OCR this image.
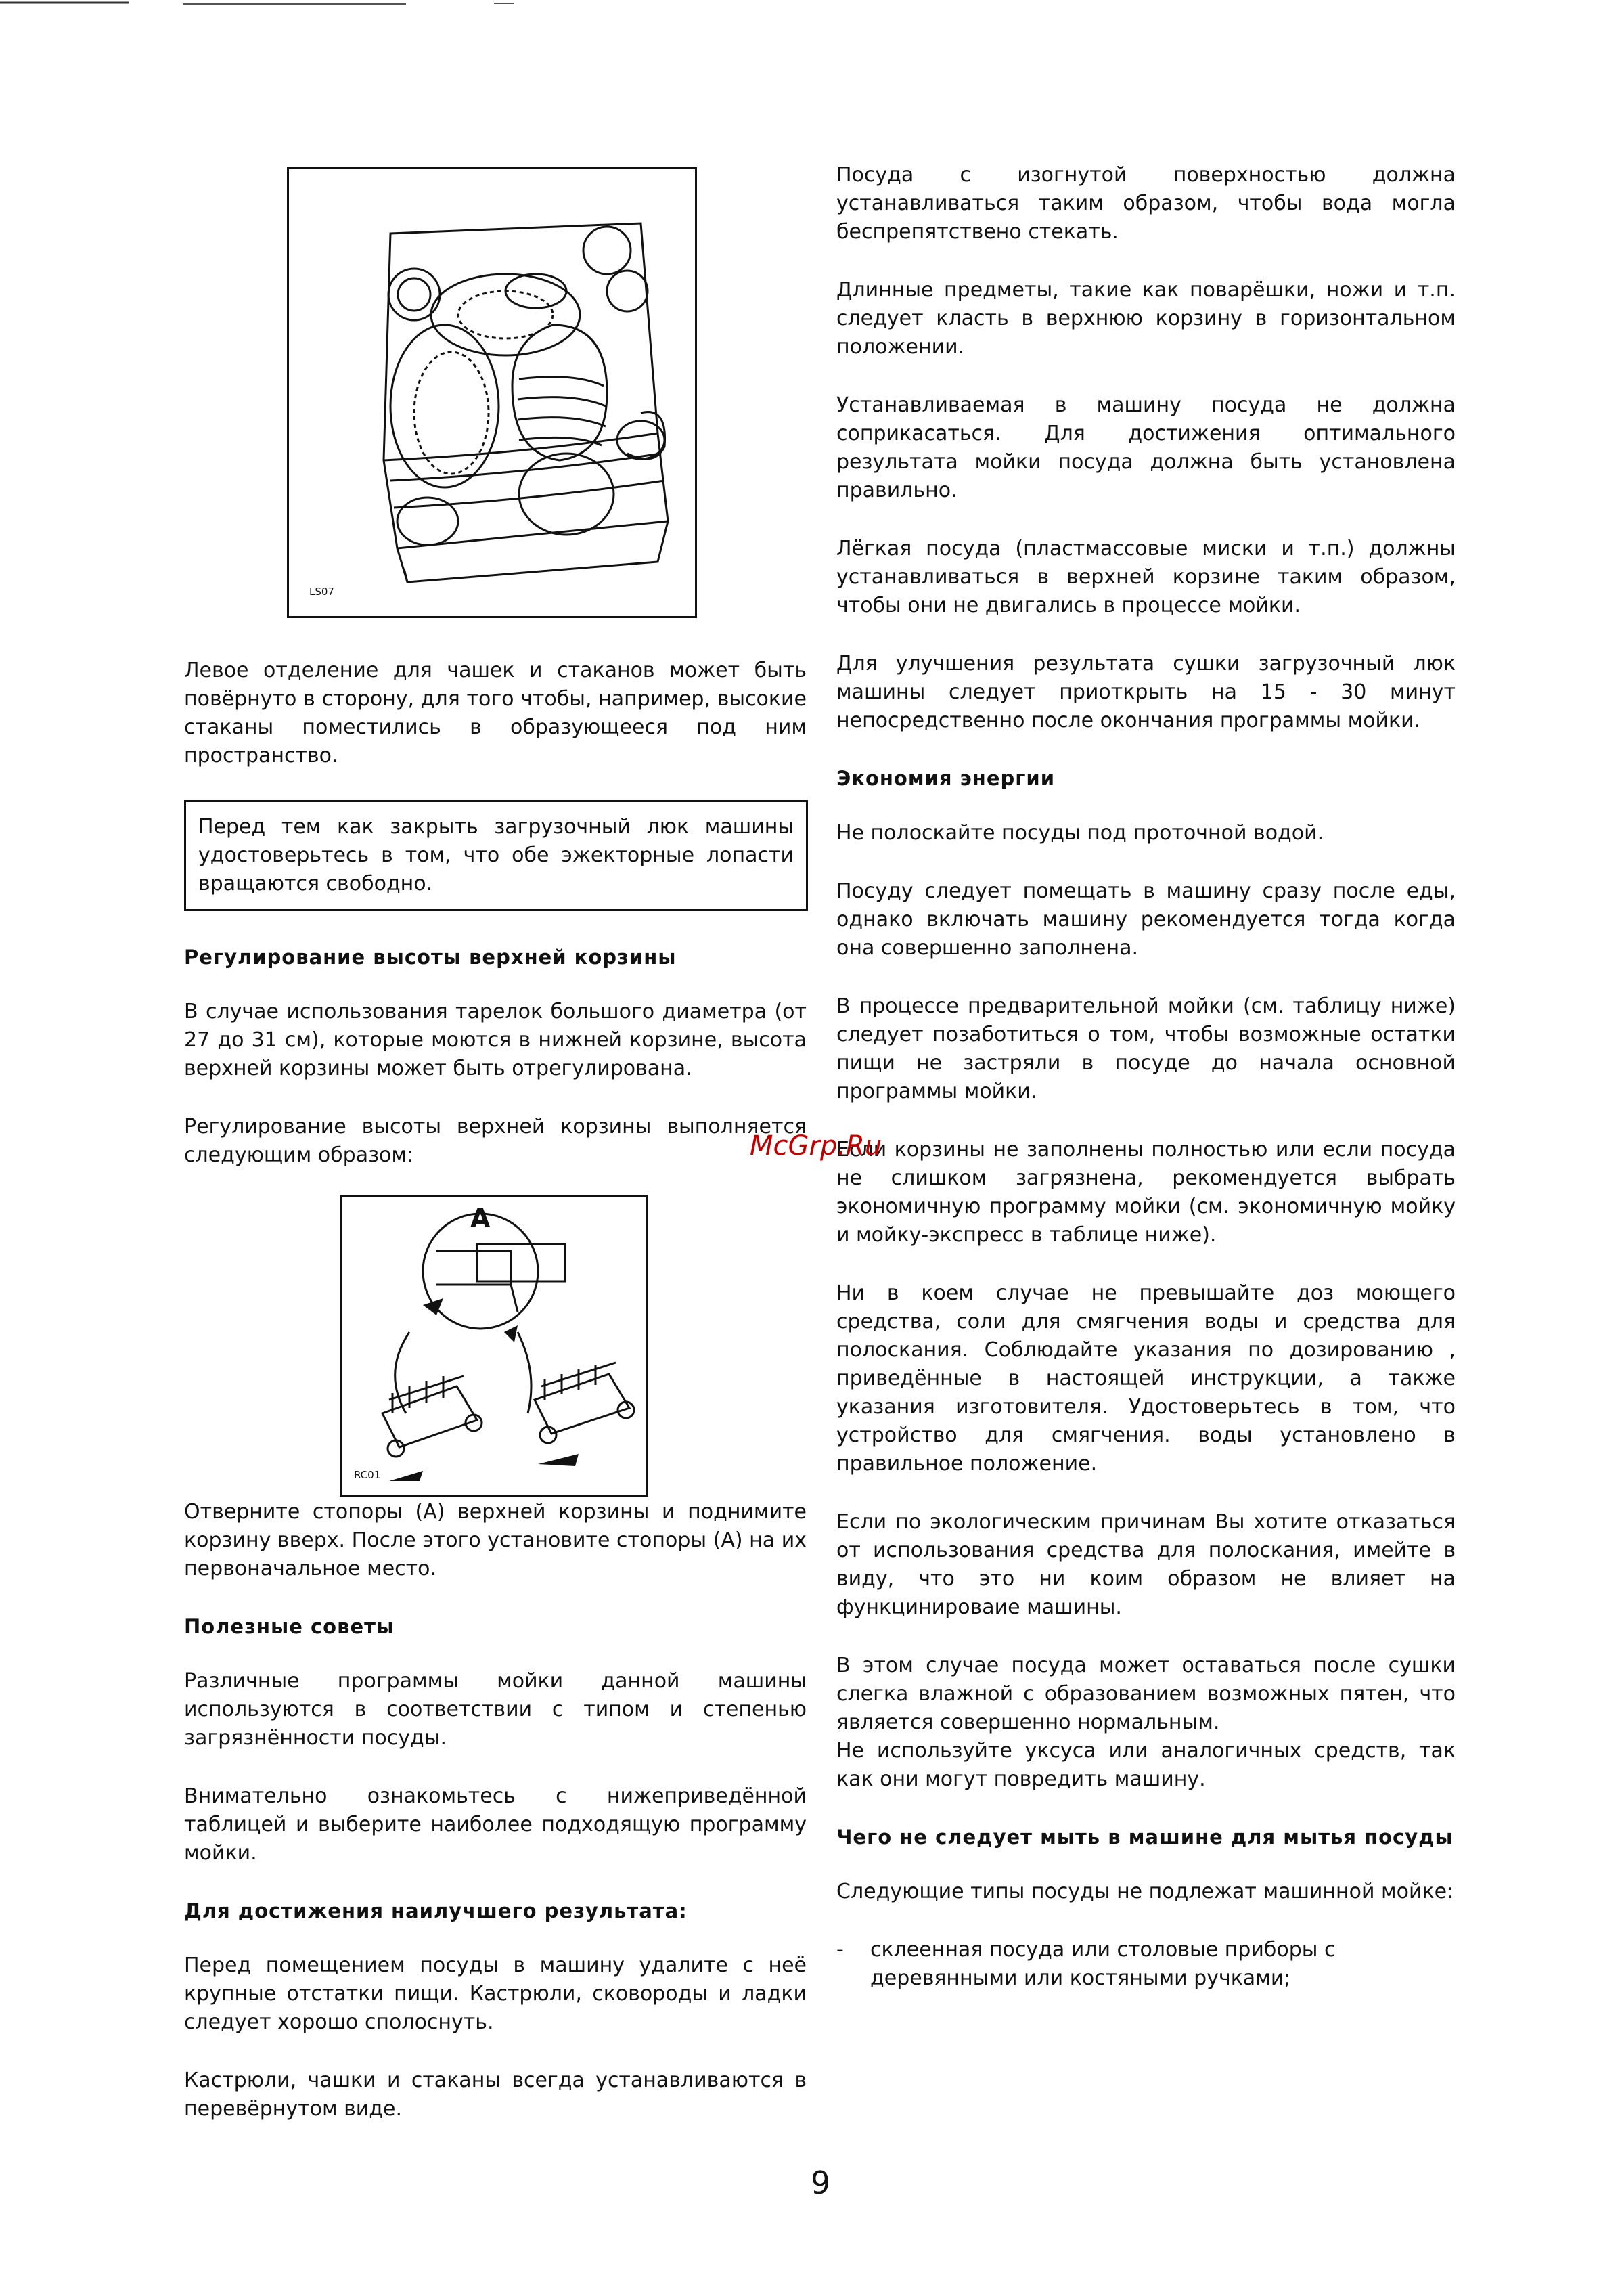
LS07

Левое отделение для чашек и стаканов может быть повёрнуто в сторону, для того чтобы, например, высокие стаканы поместились в образующееся под ним пространство.

Перед тем как закрыть загрузочный люк машины удостоверьтесь в том, что обе эжекторные лопасти вращаются свободно.

Регулирование высоты верхней корзины

В случае использования тарелок большого диаметра (от 27 до 31 см), которые моются в нижней корзине, высота верхней корзины может быть отрегулирована.

Регулирование высоты верхней корзины выполняется следующим образом:

Отверните стопоры (А) верхней корзины и поднимите корзину вверх. После этого установите стопоры (А) на их первоначальное место.

Полезные советы

Различные программы мойки данной машины используются в соответствии с типом и степенью загрязнённости посуды.

Внимательно ознакомьтесь с нижеприведённой таблицей и выберите наиболее подходящую программу мойки.

Для достижения наилучшего результата:

Перед помещением посуды в машину удалите с неё крупные отстатки пищи. Кастрюли, сковороды и ладки следует хорошо сполоснуть.

Кастрюли, чашки и стаканы всегда устанавливаются в перевёрнутом виде.

A
RC01

Посуда с изогнутой поверхностью должна устанавливаться таким образом, чтобы вода могла беспрепятствено стекать.

Длинные предметы, такие как поварёшки, ножи и т.п. следует класть в верхнюю корзину в горизонтальном положении.

Устанавливаемая в машину посуда не должна соприкасаться. Для достижения оптимального результата мойки посуда должна быть установлена правильно.

Лёгкая посуда (пластмассовые миски и т.п.) должны устанавливаться в верхней корзине таким образом, чтобы они не двигались в процессе мойки.

Для улучшения результата сушки загрузочный люк машины следует приоткрыть на 15 - 30 минут непосредственно после окончания программы мойки.

Экономия энергии

Не полоскайте посуды под проточной водой.

Посуду следует помещать в машину сразу после еды, однако включать машину рекомендуется тогда когда она совершенно заполнена.

В процессе предварительной мойки (см. таблицу ниже) следует позаботиться о том, чтобы возможные остатки пищи не застряли в посуде до начала основной программы мойки.

Если корзины не заполнены полностью или если посуда не слишком загрязнена, рекомендуется выбрать экономичную программу мойки (см. экономичную мойку и мойку-экспресс в таблице ниже).

Ни в коем случае не превышайте доз моющего средства, соли для смягчения воды и средства для полоскания. Соблюдайте указания по дозированию , приведённые в настоящей инструкции, а также указания изготовителя. Удостоверьтесь в том, что устройство для смягчения. воды установлено в правильное положение.

Если по экологическим причинам Вы хотите отказаться от использования средства для полоскания, имейте в виду, что это ни коим образом не влияет на функцинироваие машины.

В этом случае посуда может оставаться после сушки слегка влажной с образованием возможных пятен, что является совершенно нормальным.

Не используйте уксуса или аналогичных средств, так как они могут повредить машину.

Чего не следует мыть в машине для мытья посуды

Следующие типы посуды не подлежат машинной мойке:

-	склеенная посуда или столовые приборы с деревянными или костяными ручками;
McGrp.Ru
9
